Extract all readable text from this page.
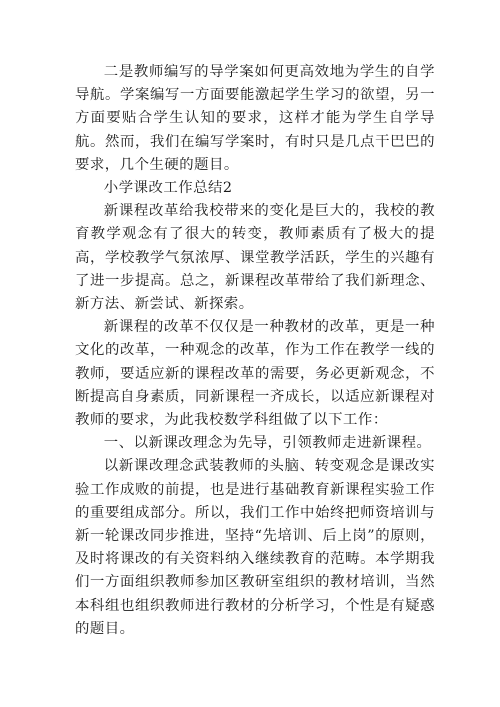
二是教师编写的导学案如何更高效地为学生的自学导航。学案编写一方面要能激起学生学习的欲望，另一方面要贴合学生认知的要求，这样才能为学生自学导航。然而，我们在编写学案时，有时只是几点干巴巴的要求，几个生硬的题目。

小学课改工作总结2

新课程改革给我校带来的变化是巨大的，我校的教育教学观念有了很大的转变，教师素质有了极大的提高，学校教学气氛浓厚、课堂教学活跃，学生的兴趣有了进一步提高。总之，新课程改革带给了我们新理念、新方法、新尝试、新探索。

新课程的改革不仅仅是一种教材的改革，更是一种文化的改革，一种观念的改革，作为工作在教学一线的教师，要适应新的课程改革的需要，务必更新观念，不断提高自身素质，同新课程一齐成长，以适应新课程对教师的要求，为此我校数学科组做了以下工作：

一、以新课改理念为先导，引领教师走进新课程。

以新课改理念武装教师的头脑、转变观念是课改实验工作成败的前提，也是进行基础教育新课程实验工作的重要组成部分。所以，我们工作中始终把师资培训与新一轮课改同步推进，坚持“先培训、后上岗”的原则，及时将课改的有关资料纳入继续教育的范畴。本学期我们一方面组织教师参加区教研室组织的教材培训，当然本科组也组织教师进行教材的分析学习，个性是有疑惑的题目。
